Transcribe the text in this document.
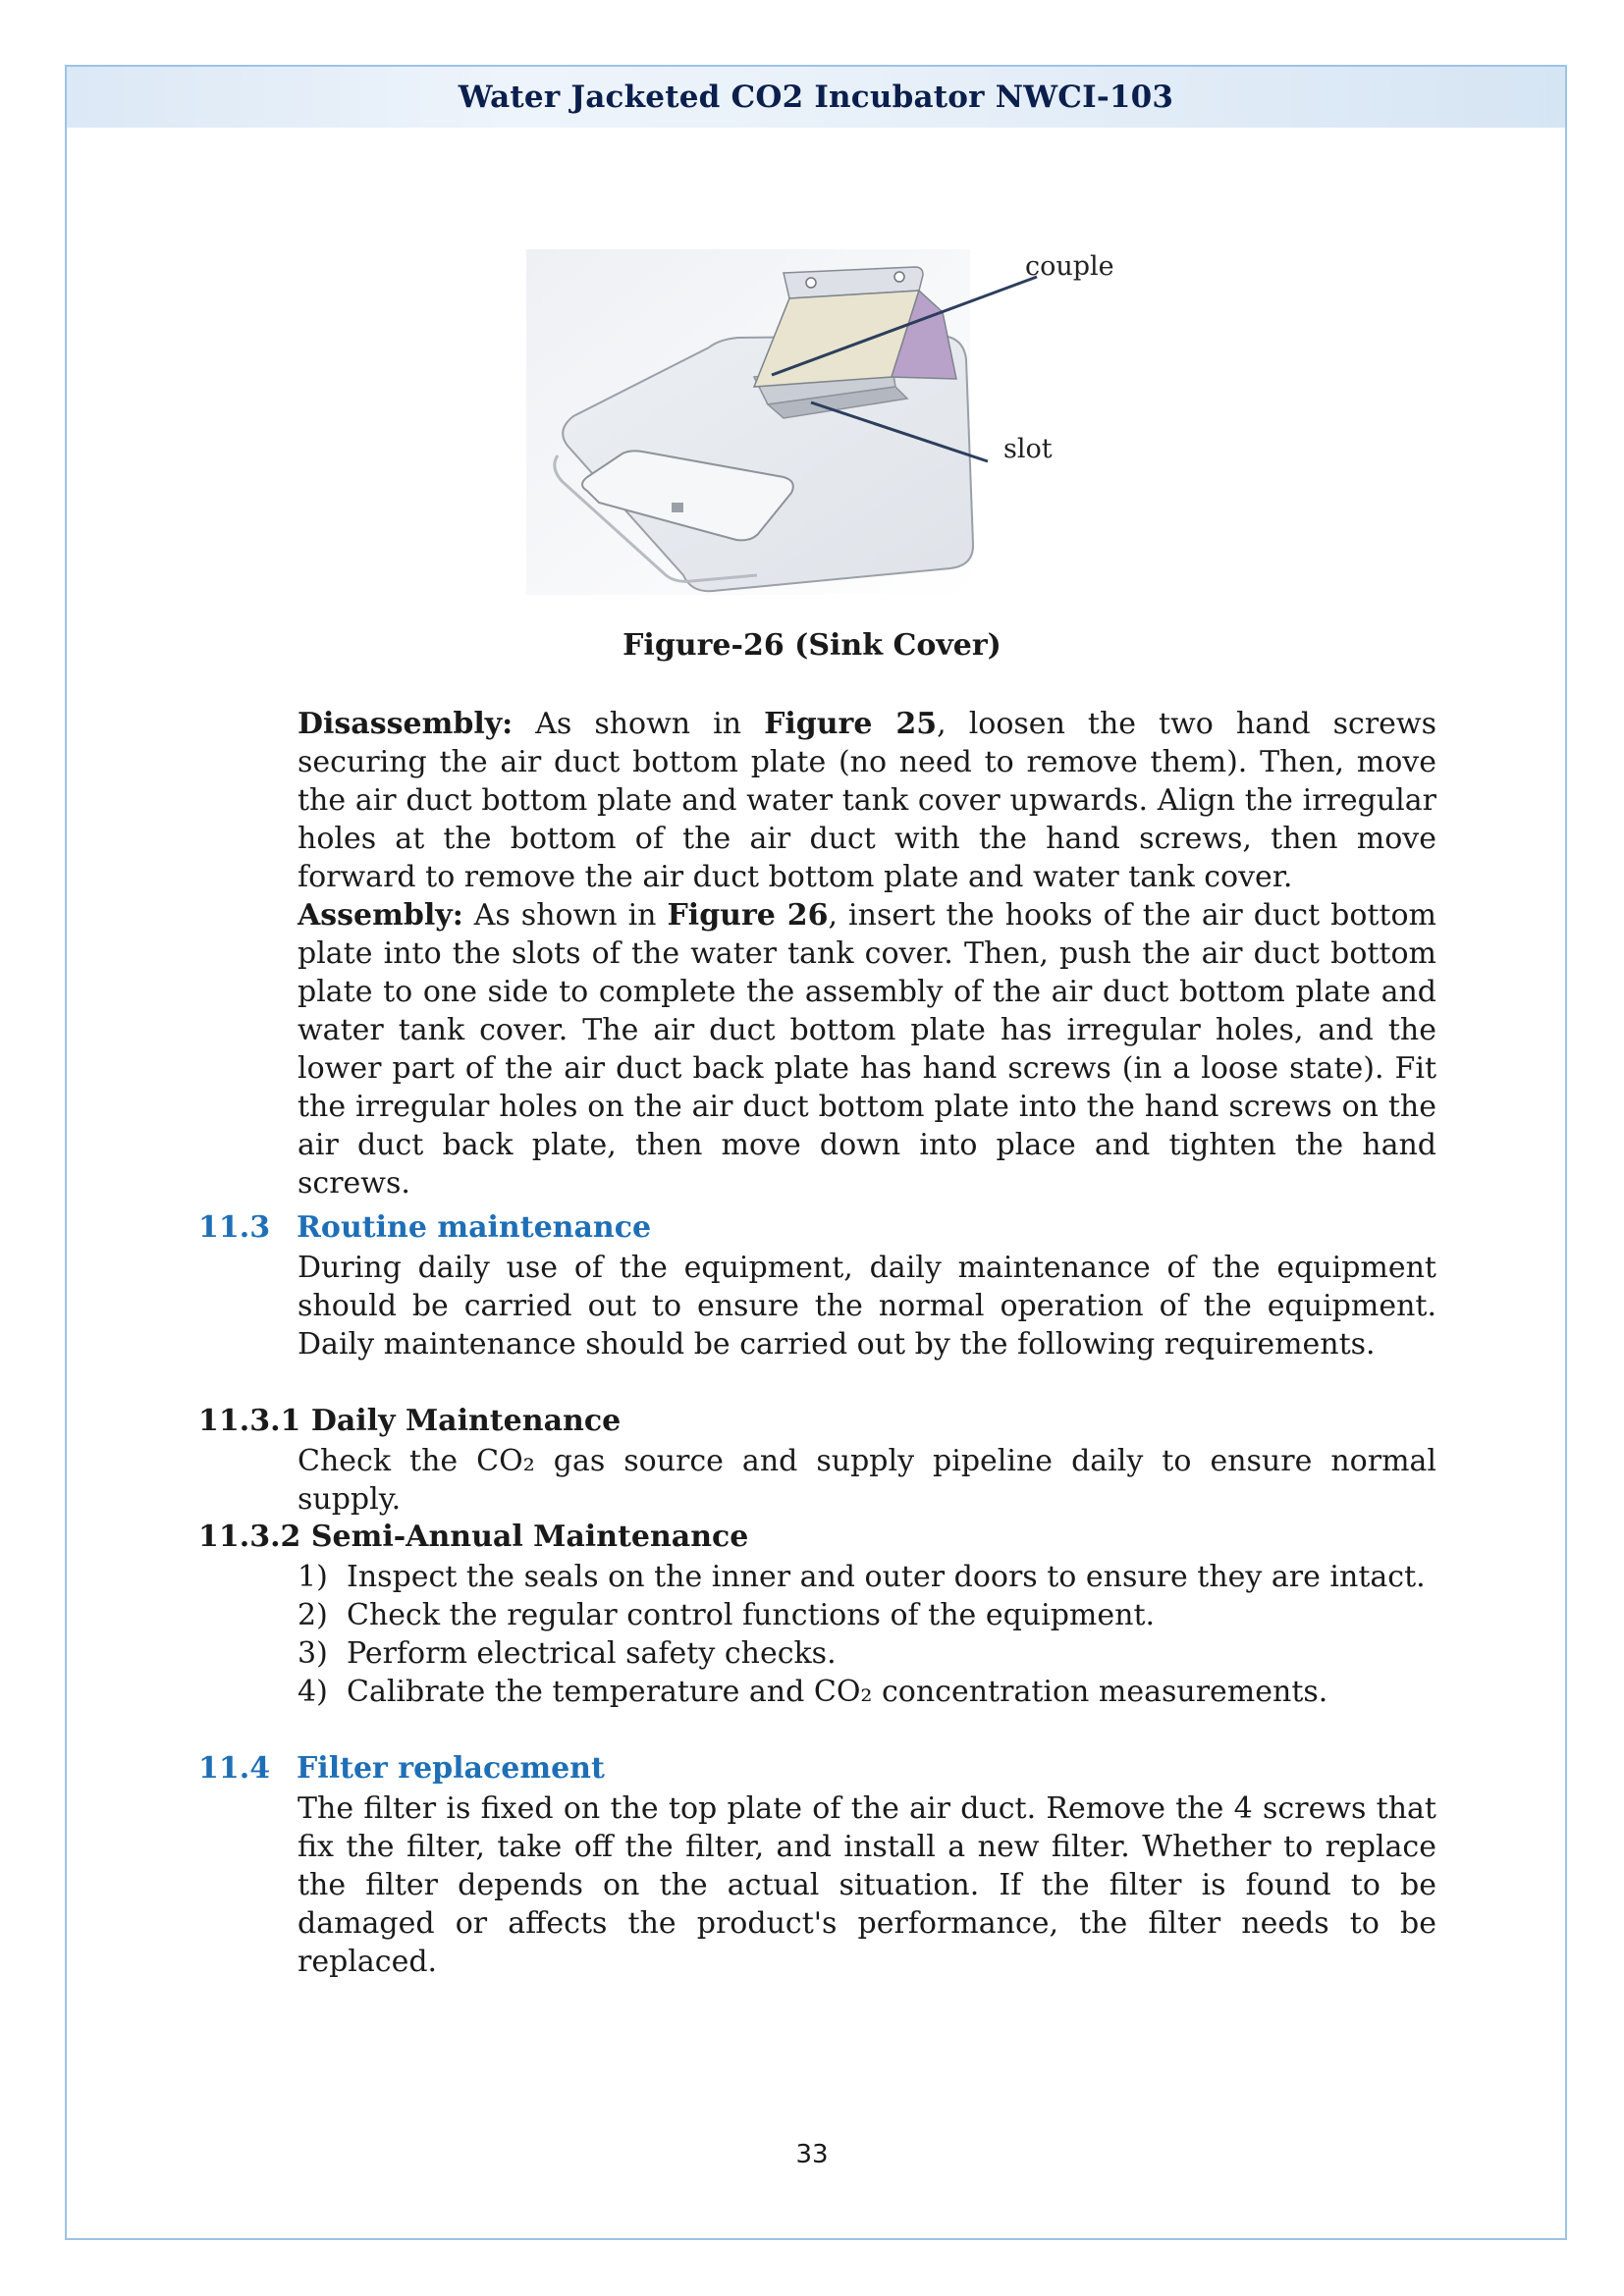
Water Jacketed CO2 Incubator NWCI-103
couple
slot
Figure-26 (Sink Cover)

Disassembly: As shown in Figure 25, loosen the two hand screws securing the air duct bottom plate (no need to remove them). Then, move the air duct bottom plate and water tank cover upwards. Align the irregular holes at the bottom of the air duct with the hand screws, then move forward to remove the air duct bottom plate and water tank cover.

Assembly: As shown in Figure 26, insert the hooks of the air duct bottom plate into the slots of the water tank cover. Then, push the air duct bottom plate to one side to complete the assembly of the air duct bottom plate and water tank cover. The air duct bottom plate has irregular holes, and the lower part of the air duct back plate has hand screws (in a loose state). Fit the irregular holes on the air duct bottom plate into the hand screws on the air duct back plate, then move down into place and tighten the hand screws.

11.3 Routine maintenance

During daily use of the equipment, daily maintenance of the equipment should be carried out to ensure the normal operation of the equipment. Daily maintenance should be carried out by the following requirements.

11.3.1 Daily Maintenance

Check the CO₂ gas source and supply pipeline daily to ensure normal supply.

11.3.2 Semi-Annual Maintenance

1) Inspect the seals on the inner and outer doors to ensure they are intact.
2) Check the regular control functions of the equipment.
3) Perform electrical safety checks.
4) Calibrate the temperature and CO₂ concentration measurements.

11.4 Filter replacement

The filter is fixed on the top plate of the air duct. Remove the 4 screws that fix the filter, take off the filter, and install a new filter. Whether to replace the filter depends on the actual situation. If the filter is found to be damaged or affects the product's performance, the filter needs to be replaced.

33
